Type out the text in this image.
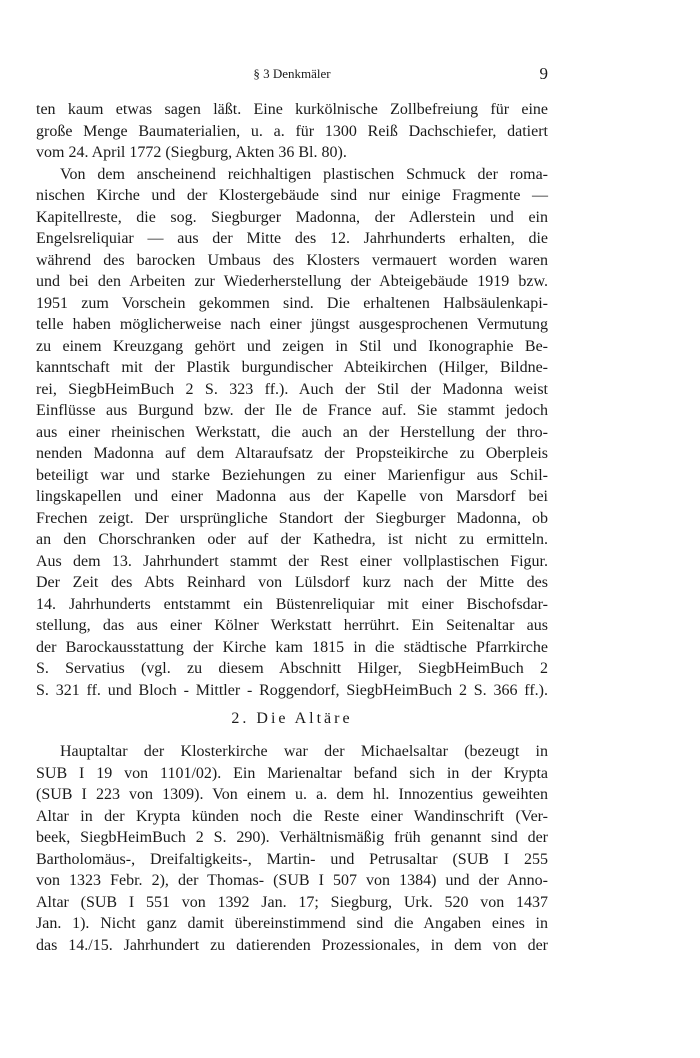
§ 3 Denkmäler	9
ten kaum etwas sagen läßt. Eine kurkölnische Zollbefreiung für eine
große Menge Baumaterialien, u. a. für 1300 Reiß Dachschiefer, datiert
vom 24. April 1772 (Siegburg, Akten 36 Bl. 80).
Von dem anscheinend reichhaltigen plastischen Schmuck der roma-
nischen Kirche und der Klostergebäude sind nur einige Fragmente —
Kapitellreste, die sog. Siegburger Madonna, der Adlerstein und ein
Engelsreliquiar — aus der Mitte des 12. Jahrhunderts erhalten, die
während des barocken Umbaus des Klosters vermauert worden waren
und bei den Arbeiten zur Wiederherstellung der Abteigebäude 1919 bzw.
1951 zum Vorschein gekommen sind. Die erhaltenen Halbsäulenkapi-
telle haben möglicherweise nach einer jüngst ausgesprochenen Vermutung
zu einem Kreuzgang gehört und zeigen in Stil und Ikonographie Be-
kanntschaft mit der Plastik burgundischer Abteikirchen (Hilger, Bildne-
rei, SiegbHeimBuch 2 S. 323 ff.). Auch der Stil der Madonna weist
Einflüsse aus Burgund bzw. der Ile de France auf. Sie stammt jedoch
aus einer rheinischen Werkstatt, die auch an der Herstellung der thro-
nenden Madonna auf dem Altaraufsatz der Propsteikirche zu Oberpleis
beteiligt war und starke Beziehungen zu einer Marienfigur aus Schil-
lingskapellen und einer Madonna aus der Kapelle von Marsdorf bei
Frechen zeigt. Der ursprüngliche Standort der Siegburger Madonna, ob
an den Chorschranken oder auf der Kathedra, ist nicht zu ermitteln.
Aus dem 13. Jahrhundert stammt der Rest einer vollplastischen Figur.
Der Zeit des Abts Reinhard von Lülsdorf kurz nach der Mitte des
14. Jahrhunderts entstammt ein Büstenreliquiar mit einer Bischofsdar-
stellung, das aus einer Kölner Werkstatt herrührt. Ein Seitenaltar aus
der Barockausstattung der Kirche kam 1815 in die städtische Pfarrkirche
S. Servatius (vgl. zu diesem Abschnitt Hilger, SiegbHeimBuch 2
S. 321 ff. und Bloch - Mittler - Roggendorf, SiegbHeimBuch 2 S. 366 ff.).
2. Die Altäre
Hauptaltar der Klosterkirche war der Michaelsaltar (bezeugt in
SUB I 19 von 1101/02). Ein Marienaltar befand sich in der Krypta
(SUB I 223 von 1309). Von einem u. a. dem hl. Innozentius geweihten
Altar in der Krypta künden noch die Reste einer Wandinschrift (Ver-
beek, SiegbHeimBuch 2 S. 290). Verhältnismäßig früh genannt sind der
Bartholomäus-, Dreifaltigkeits-, Martin- und Petrusaltar (SUB I 255
von 1323 Febr. 2), der Thomas- (SUB I 507 von 1384) und der Anno-
Altar (SUB I 551 von 1392 Jan. 17; Siegburg, Urk. 520 von 1437
Jan. 1). Nicht ganz damit übereinstimmend sind die Angaben eines in
das 14./15. Jahrhundert zu datierenden Prozessionales, in dem von der
